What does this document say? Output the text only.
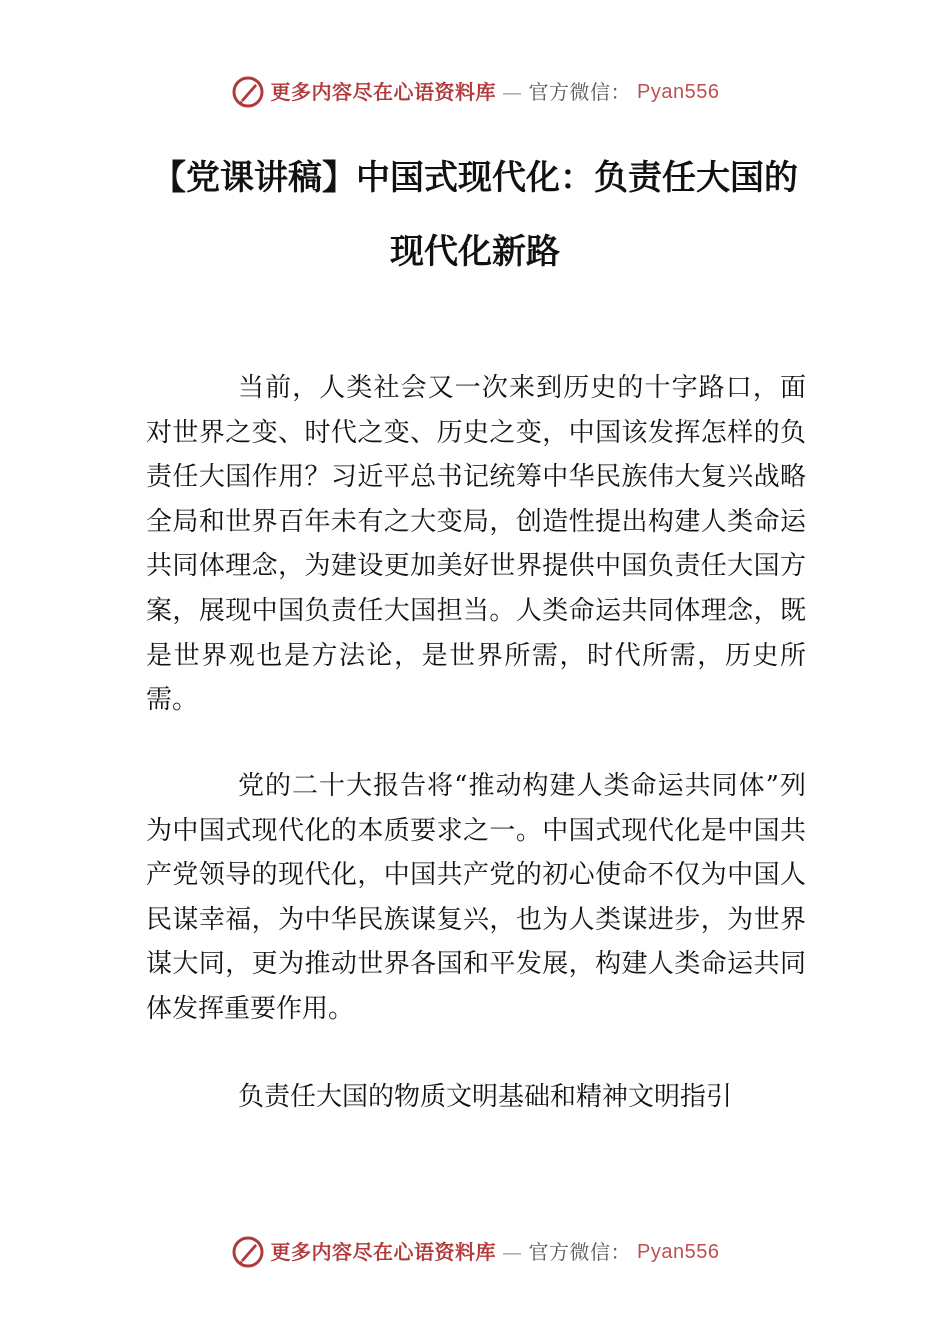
更多内容尽在心语资料库 — 官方微信： Pyan556
【党课讲稿】中国式现代化：负责任大国的
现代化新路

当前，人类社会又一次来到历史的十字路口，面对世界之变、时代之变、历史之变，中国该发挥怎样的负责任大国作用？习近平总书记统筹中华民族伟大复兴战略全局和世界百年未有之大变局，创造性提出构建人类命运共同体理念，为建设更加美好世界提供中国负责任大国方案，展现中国负责任大国担当。人类命运共同体理念，既是世界观也是方法论，是世界所需，时代所需，历史所需。

党的二十大报告将“推动构建人类命运共同体”列为中国式现代化的本质要求之一。中国式现代化是中国共产党领导的现代化，中国共产党的初心使命不仅为中国人民谋幸福，为中华民族谋复兴，也为人类谋进步，为世界谋大同，更为推动世界各国和平发展，构建人类命运共同体发挥重要作用。

负责任大国的物质文明基础和精神文明指引

更多内容尽在心语资料库 — 官方微信： Pyan556
